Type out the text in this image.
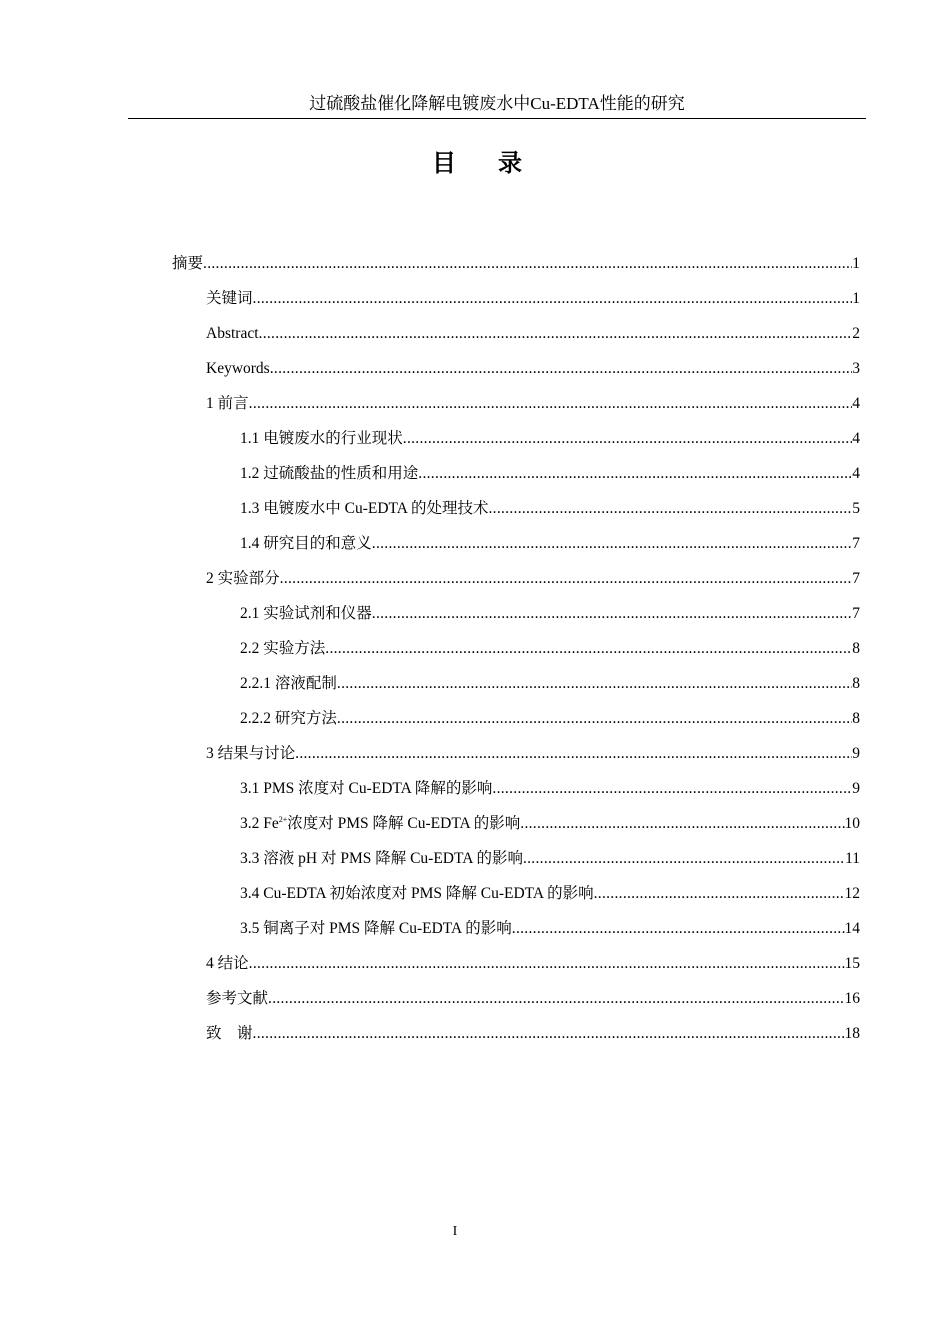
过硫酸盐催化降解电镀废水中Cu-EDTA性能的研究
目录
摘要 .....	1
关键词 .....	1
Abstract .....	2
Keywords .....	3
1 前言 .....	4
1.1 电镀废水的行业现状 .....	4
1.2 过硫酸盐的性质和用途 .....	4
1.3 电镀废水中 Cu-EDTA 的处理技术 .....	5
1.4 研究目的和意义 .....	7
2 实验部分 .....	7
2.1 实验试剂和仪器 .....	7
2.2 实验方法 .....	8
2.2.1 溶液配制 .....	8
2.2.2 研究方法 .....	8
3 结果与讨论 .....	9
3.1 PMS 浓度对 Cu-EDTA 降解的影响 .....	9
3.2 $Fe^{2+}$浓度对 PMS 降解 Cu-EDTA 的影响 .....	10
3.3 溶液 pH 对 PMS 降解 Cu-EDTA 的影响 .....	11
3.4 Cu-EDTA 初始浓度对 PMS 降解 Cu-EDTA 的影响 .....	12
3.5 铜离子对 PMS 降解 Cu-EDTA 的影响 .....	14
4 结论 .....	15
参考文献 .....	16
致　谢 .....	18
I
